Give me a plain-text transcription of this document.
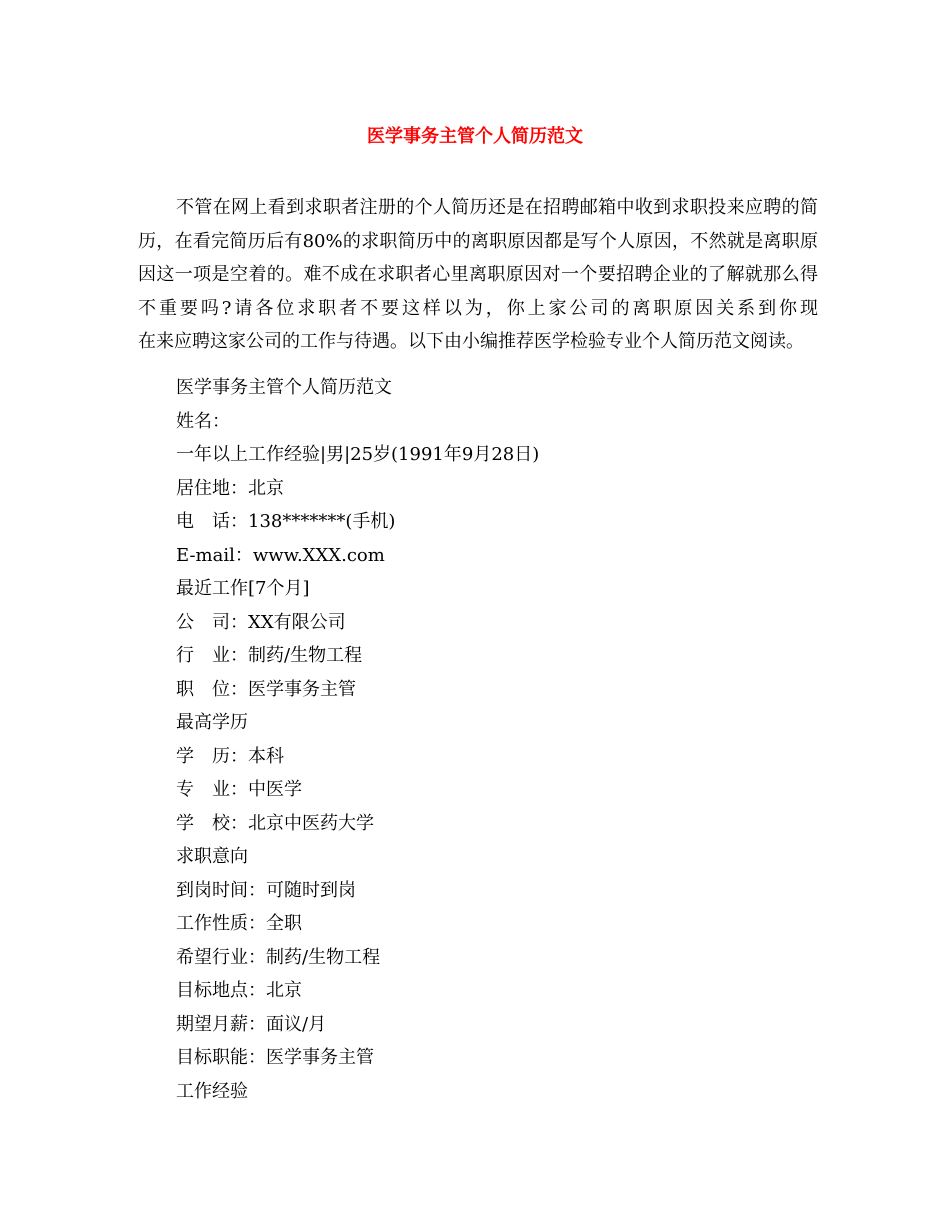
医学事务主管个人简历范文
不管在网上看到求职者注册的个人简历还是在招聘邮箱中收到求职投来应聘的简历，在看完简历后有80%的求职简历中的离职原因都是写个人原因，不然就是离职原因这一项是空着的。难不成在求职者心里离职原因对一个要招聘企业的了解就那么得不重要吗?请各位求职者不要这样以为，你上家公司的离职原因关系到你现
在来应聘这家公司的工作与待遇。以下由小编推荐医学检验专业个人简历范文阅读。
医学事务主管个人简历范文
姓名：
一年以上工作经验|男|25岁(1991年9月28日)
居住地：北京
电　话：138*******(手机)
E-mail：www.XXX.com
最近工作[7个月]
公　司：XX有限公司
行　业：制药/生物工程
职　位：医学事务主管
最高学历
学　历：本科
专　业：中医学
学　校：北京中医药大学
求职意向
到岗时间：可随时到岗
工作性质：全职
希望行业：制药/生物工程
目标地点：北京
期望月薪：面议/月
目标职能：医学事务主管
工作经验
